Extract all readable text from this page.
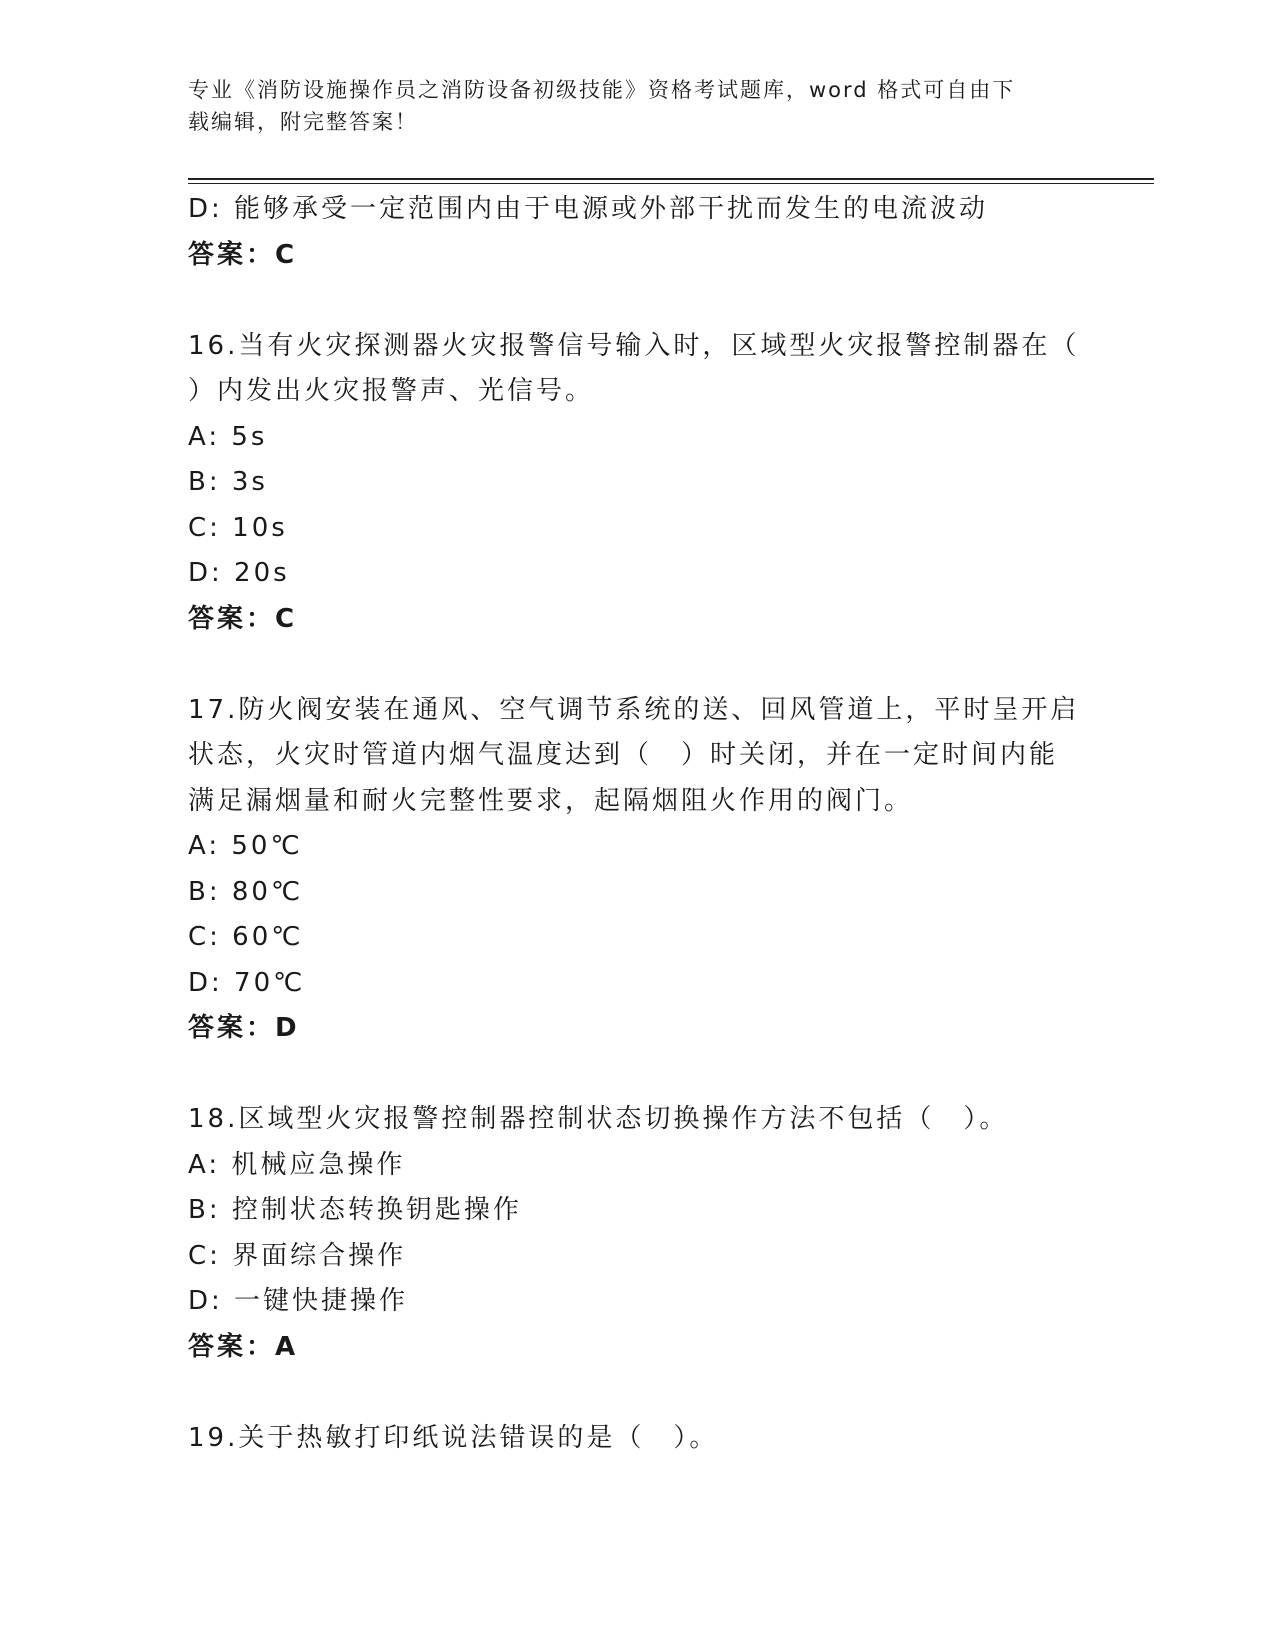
专业《消防设施操作员之消防设备初级技能》资格考试题库，word 格式可自由下
载编辑，附完整答案！
D: 能够承受一定范围内由于电源或外部干扰而发生的电流波动
答案：C
16.当有火灾探测器火灾报警信号输入时，区域型火灾报警控制器在（
）内发出火灾报警声、光信号。
A: 5s
B: 3s
C: 10s
D: 20s
答案：C
17.防火阀安装在通风、空气调节系统的送、回风管道上，平时呈开启
状态，火灾时管道内烟气温度达到（　）时关闭，并在一定时间内能
满足漏烟量和耐火完整性要求，起隔烟阻火作用的阀门。
A: 50℃
B: 80℃
C: 60℃
D: 70℃
答案：D
18.区域型火灾报警控制器控制状态切换操作方法不包括（　）。
A: 机械应急操作
B: 控制状态转换钥匙操作
C: 界面综合操作
D: 一键快捷操作
答案：A
19.关于热敏打印纸说法错误的是（　）。
